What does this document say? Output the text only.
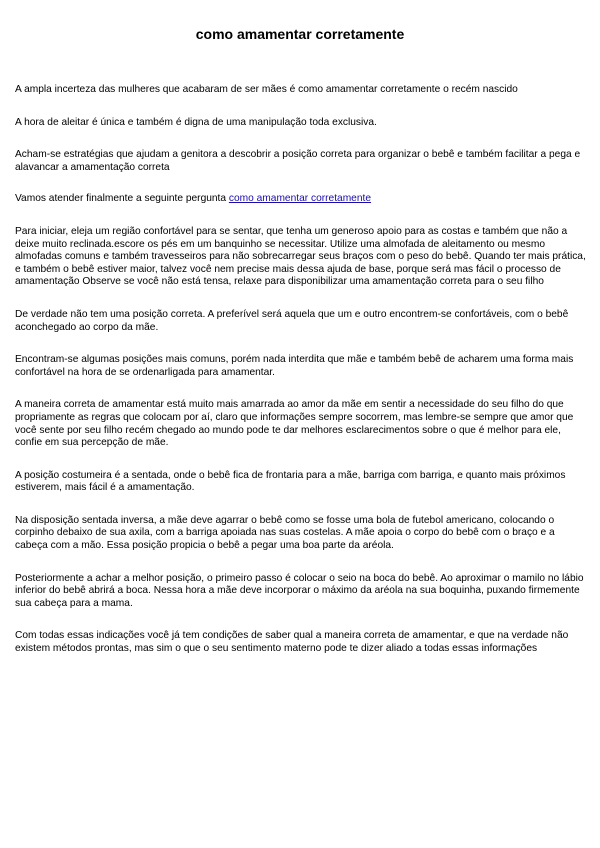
como amamentar corretamente

A ampla incerteza das mulheres que acabaram de ser mães é como amamentar corretamente o recém nascido

A hora de aleitar é única e também é digna de uma manipulação toda exclusiva.

Acham-se estratégias que ajudam a genitora a descobrir a posição correta para organizar o bebê e também facilitar a pega e alavancar a amamentação correta

Vamos atender finalmente a seguinte pergunta como amamentar corretamente

Para iniciar, eleja um região confortável para se sentar, que tenha um generoso apoio para as costas e também que não a deixe muito reclinada.escore os pés em um banquinho se necessitar. Utilize uma almofada de aleitamento ou mesmo almofadas comuns e também travesseiros para não sobrecarregar seus braços com o peso do bebê. Quando ter mais prática, e também o bebê estiver maior, talvez você nem precise mais dessa ajuda de base, porque será mas fácil o processo de amamentação Observe se você não está tensa, relaxe para disponibilizar uma amamentação correta para o seu filho

De verdade não tem uma posição correta. A preferível será aquela que um e outro encontrem-se confortáveis, com o bebê aconchegado ao corpo da mãe.

Encontram-se algumas posições mais comuns, porém nada interdita que mãe e também bebê de acharem uma forma mais confortável na hora de se ordenarligada para amamentar.

A maneira correta de amamentar está muito mais amarrada ao amor da mãe em sentir a necessidade do seu filho do que propriamente as regras que colocam por aí, claro que informações sempre socorrem, mas lembre-se sempre que amor que você sente por seu filho recém chegado ao mundo pode te dar melhores esclarecimentos sobre o que é melhor para ele, confie em sua percepção de mãe.

A posição costumeira é a sentada, onde o bebê fica de frontaria para a mãe, barriga com barriga, e quanto mais próximos estiverem, mais fácil é a amamentação.

Na disposição sentada inversa, a mãe deve agarrar o bebê como se fosse uma bola de futebol americano, colocando o corpinho debaixo de sua axila, com a barriga apoiada nas suas costelas. A mãe apoia o corpo do bebê com o braço e a cabeça com a mão. Essa posição propicia o bebê a pegar uma boa parte da aréola.

Posteriormente a achar a melhor posição, o primeiro passo é colocar o seio na boca do bebê. Ao aproximar o mamilo no lábio inferior do bebê abrirá a boca. Nessa hora a mãe deve incorporar o máximo da aréola na sua boquinha, puxando firmemente sua cabeça para a mama.

Com todas essas indicações você já tem condições de saber qual a maneira correta de amamentar, e que na verdade não existem métodos prontas, mas sim o que o seu sentimento materno pode te dizer aliado a todas essas informações
